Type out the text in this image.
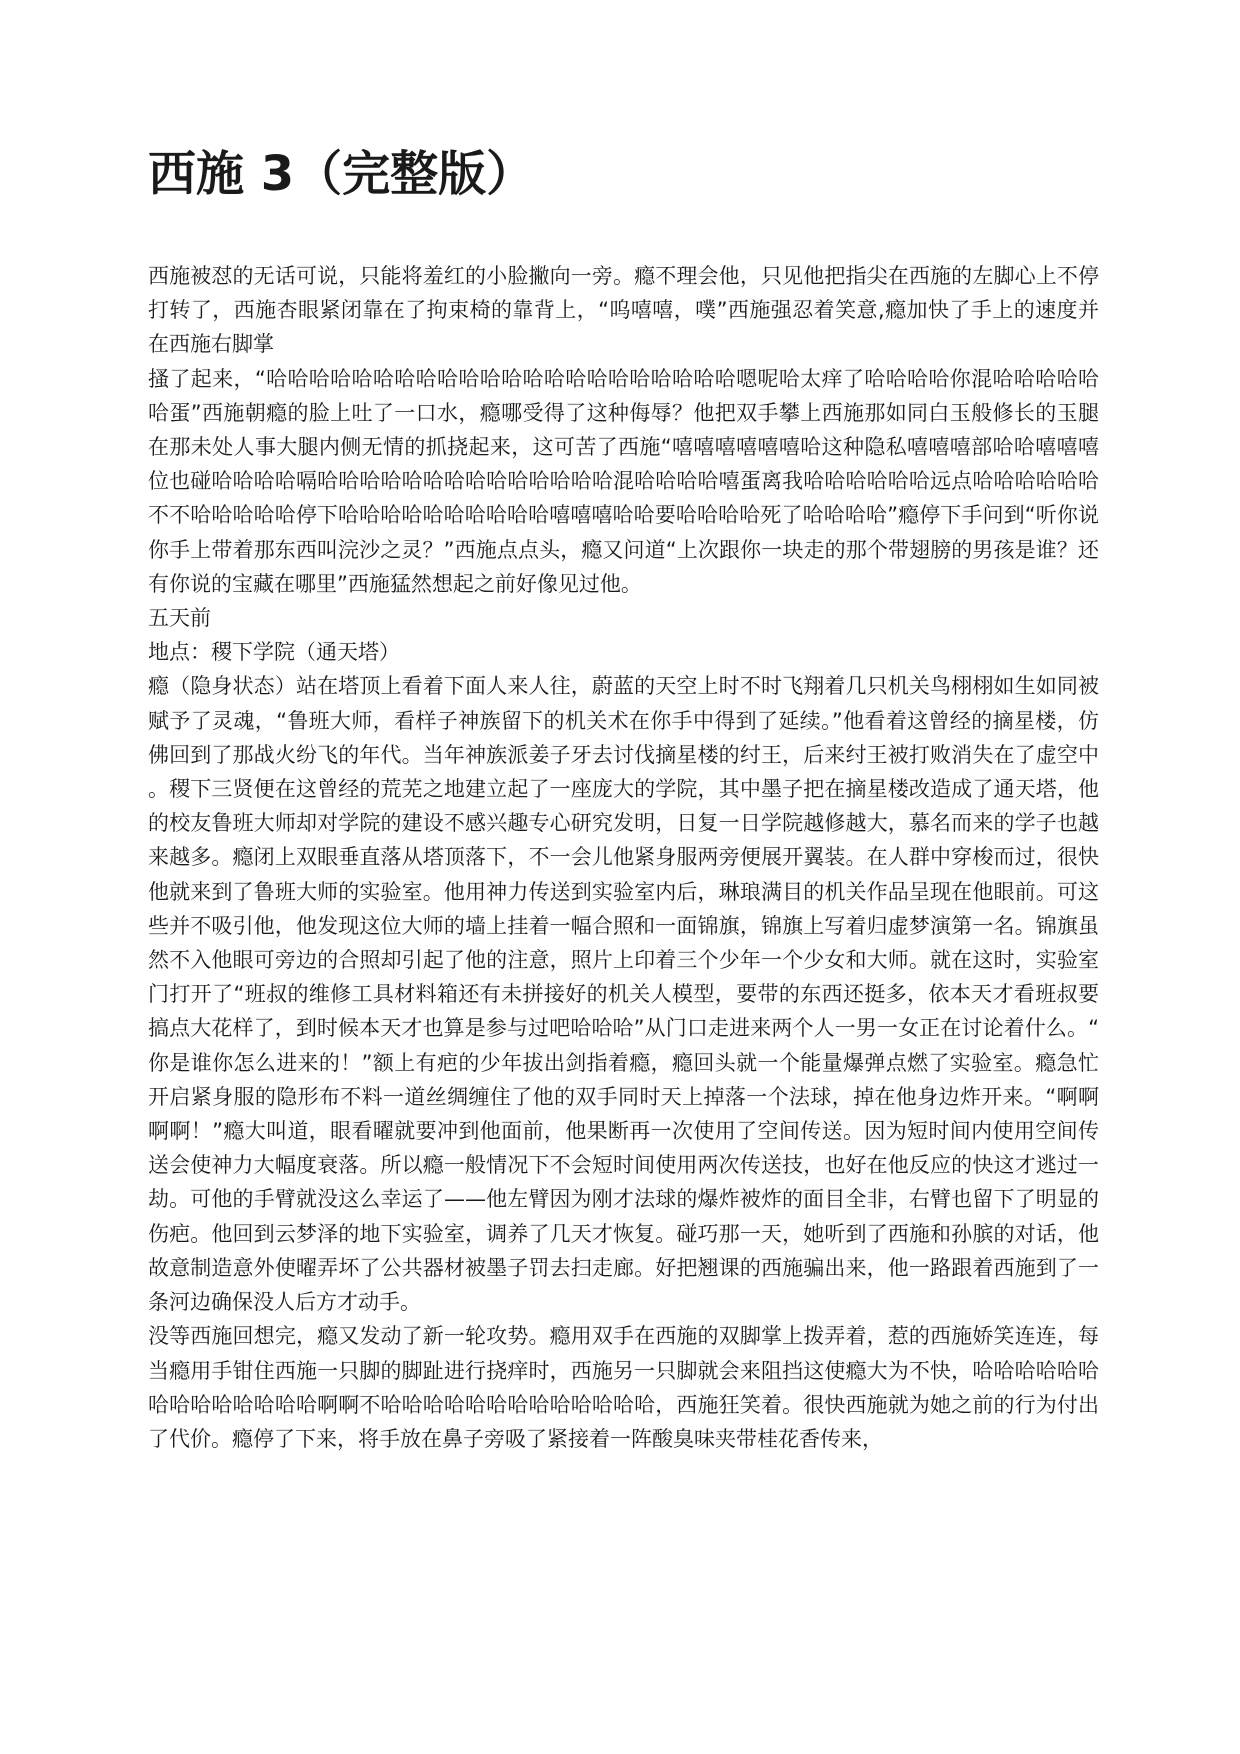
西施 3（完整版）

西施被怼的无话可说，只能将羞红的小脸撇向一旁。瘾不理会他，只见他把指尖在西施的左脚心上不停打转了，西施杏眼紧闭靠在了拘束椅的靠背上，“呜嘻嘻，噗”西施强忍着笑意,瘾加快了手上的速度并在西施右脚掌

搔了起来，“哈哈哈哈哈哈哈哈哈哈哈哈哈哈哈哈哈哈哈哈哈哈嗯呢哈太痒了哈哈哈哈你混哈哈哈哈哈哈蛋”西施朝瘾的脸上吐了一口水，瘾哪受得了这种侮辱？他把双手攀上西施那如同白玉般修长的玉腿在那未处人事大腿内侧无情的抓挠起来，这可苦了西施“嘻嘻嘻嘻嘻嘻哈这种隐私嘻嘻嘻部哈哈嘻嘻嘻位也碰哈哈哈哈嗝哈哈哈哈哈哈哈哈哈哈哈哈哈哈混哈哈哈哈嘻蛋离我哈哈哈哈哈哈远点哈哈哈哈哈哈不不哈哈哈哈哈停下哈哈哈哈哈哈哈哈哈哈嘻嘻嘻哈哈要哈哈哈哈死了哈哈哈哈”瘾停下手问到“听你说你手上带着那东西叫浣沙之灵？”西施点点头，瘾又问道“上次跟你一块走的那个带翅膀的男孩是谁？还有你说的宝藏在哪里”西施猛然想起之前好像见过他。

五天前

地点：稷下学院（通天塔）

瘾（隐身状态）站在塔顶上看着下面人来人往，蔚蓝的天空上时不时飞翔着几只机关鸟栩栩如生如同被赋予了灵魂，“鲁班大师，看样子神族留下的机关术在你手中得到了延续。”他看着这曾经的摘星楼，仿佛回到了那战火纷飞的年代。当年神族派姜子牙去讨伐摘星楼的纣王，后来纣王被打败消失在了虚空中。稷下三贤便在这曾经的荒芜之地建立起了一座庞大的学院，其中墨子把在摘星楼改造成了通天塔，他的校友鲁班大师却对学院的建设不感兴趣专心研究发明，日复一日学院越修越大，慕名而来的学子也越来越多。瘾闭上双眼垂直落从塔顶落下，不一会儿他紧身服两旁便展开翼装。在人群中穿梭而过，很快他就来到了鲁班大师的实验室。他用神力传送到实验室内后，琳琅满目的机关作品呈现在他眼前。可这些并不吸引他，他发现这位大师的墙上挂着一幅合照和一面锦旗，锦旗上写着归虚梦演第一名。锦旗虽然不入他眼可旁边的合照却引起了他的注意，照片上印着三个少年一个少女和大师。就在这时，实验室门打开了“班叔的维修工具材料箱还有未拼接好的机关人模型，要带的东西还挺多，依本天才看班叔要搞点大花样了，到时候本天才也算是参与过吧哈哈哈”从门口走进来两个人一男一女正在讨论着什么。“你是谁你怎么进来的！”额上有疤的少年拔出剑指着瘾，瘾回头就一个能量爆弹点燃了实验室。瘾急忙开启紧身服的隐形布不料一道丝绸缠住了他的双手同时天上掉落一个法球，掉在他身边炸开来。“啊啊啊啊！”瘾大叫道，眼看曜就要冲到他面前，他果断再一次使用了空间传送。因为短时间内使用空间传送会使神力大幅度衰落。所以瘾一般情况下不会短时间使用两次传送技，也好在他反应的快这才逃过一劫。可他的手臂就没这么幸运了——他左臂因为刚才法球的爆炸被炸的面目全非，右臂也留下了明显的伤疤。他回到云梦泽的地下实验室，调养了几天才恢复。碰巧那一天，她听到了西施和孙膑的对话，他故意制造意外使曜弄坏了公共器材被墨子罚去扫走廊。好把翘课的西施骗出来，他一路跟着西施到了一条河边确保没人后方才动手。

没等西施回想完，瘾又发动了新一轮攻势。瘾用双手在西施的双脚掌上拨弄着，惹的西施娇笑连连，每当瘾用手钳住西施一只脚的脚趾进行挠痒时，西施另一只脚就会来阻挡这使瘾大为不快，哈哈哈哈哈哈哈哈哈哈哈哈哈哈啊啊不哈哈哈哈哈哈哈哈哈哈哈哈哈，西施狂笑着。很快西施就为她之前的行为付出了代价。瘾停了下来，将手放在鼻子旁吸了紧接着一阵酸臭味夹带桂花香传来，
